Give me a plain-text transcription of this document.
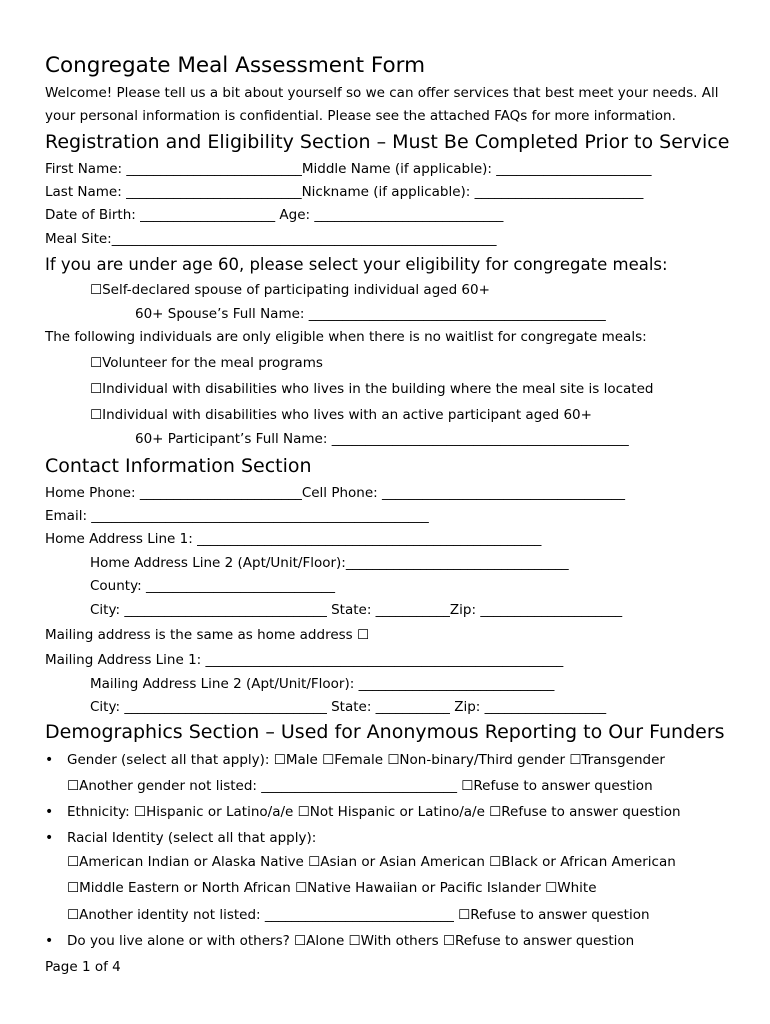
Congregate Meal Assessment Form
Welcome! Please tell us a bit about yourself so we can offer services that best meet your needs. All
your personal information is confidential. Please see the attached FAQs for more information.
Registration and Eligibility Section – Must Be Completed Prior to Service
First Name: __________________________Middle Name (if applicable): _______________________
Last Name: __________________________Nickname (if applicable): _________________________
Date of Birth: ____________________ Age: ____________________________
Meal Site:_________________________________________________________
If you are under age 60, please select your eligibility for congregate meals:
☐Self-declared spouse of participating individual aged 60+
60+ Spouse’s Full Name: ____________________________________________
The following individuals are only eligible when there is no waitlist for congregate meals:
☐Volunteer for the meal programs
☐Individual with disabilities who lives in the building where the meal site is located
☐Individual with disabilities who lives with an active participant aged 60+
60+ Participant’s Full Name: ____________________________________________
Contact Information Section
Home Phone: ________________________Cell Phone: ____________________________________
Email: __________________________________________________
Home Address Line 1: ___________________________________________________
Home Address Line 2 (Apt/Unit/Floor):_________________________________
County: ____________________________
City: ______________________________ State: ___________Zip: _____________________
Mailing address is the same as home address ☐
Mailing Address Line 1: _____________________________________________________
Mailing Address Line 2 (Apt/Unit/Floor): _____________________________
City: ______________________________ State: ___________ Zip: __________________
Demographics Section – Used for Anonymous Reporting to Our Funders
• Gender (select all that apply): ☐Male ☐Female ☐Non-binary/Third gender ☐Transgender
☐Another gender not listed: _____________________________ ☐Refuse to answer question
• Ethnicity: ☐Hispanic or Latino/a/e ☐Not Hispanic or Latino/a/e ☐Refuse to answer question
• Racial Identity (select all that apply):
☐American Indian or Alaska Native ☐Asian or Asian American ☐Black or African American
☐Middle Eastern or North African ☐Native Hawaiian or Pacific Islander ☐White
☐Another identity not listed: ____________________________ ☐Refuse to answer question
• Do you live alone or with others? ☐Alone ☐With others ☐Refuse to answer question
Page 1 of 4
